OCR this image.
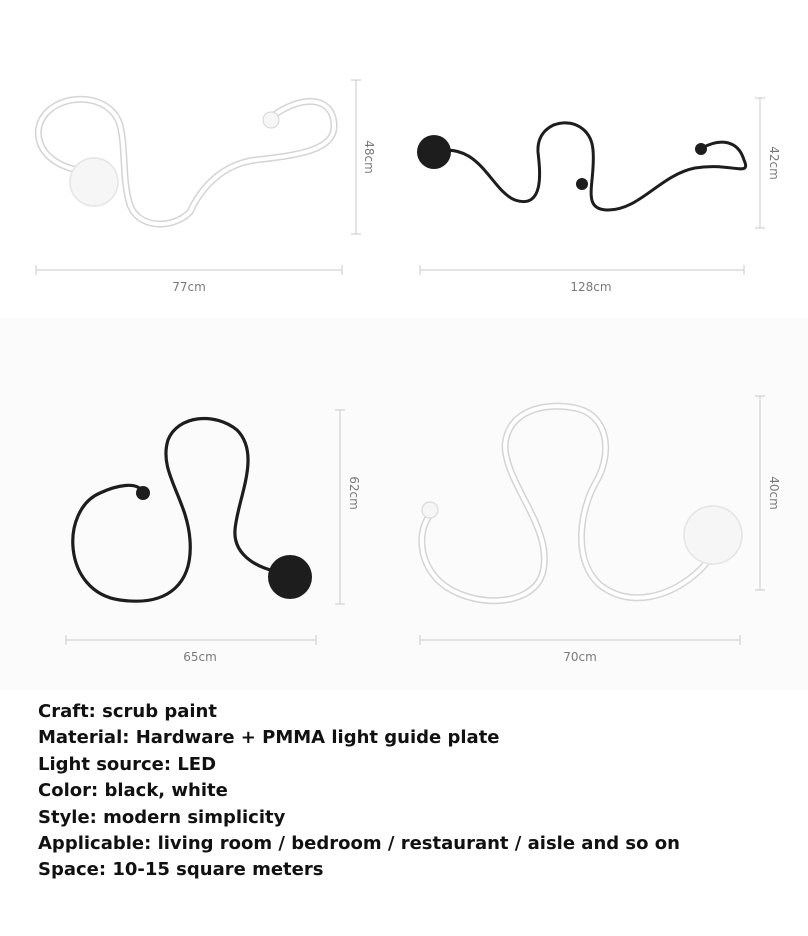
77cm
48cm
128cm
42cm
65cm
62cm
70cm
40cm
Craft: scrub paint
Material: Hardware + PMMA light guide plate
Light source: LED
Color: black, white
Style: modern simplicity
Applicable: living room / bedroom / restaurant / aisle and so on
Space: 10-15 square meters
